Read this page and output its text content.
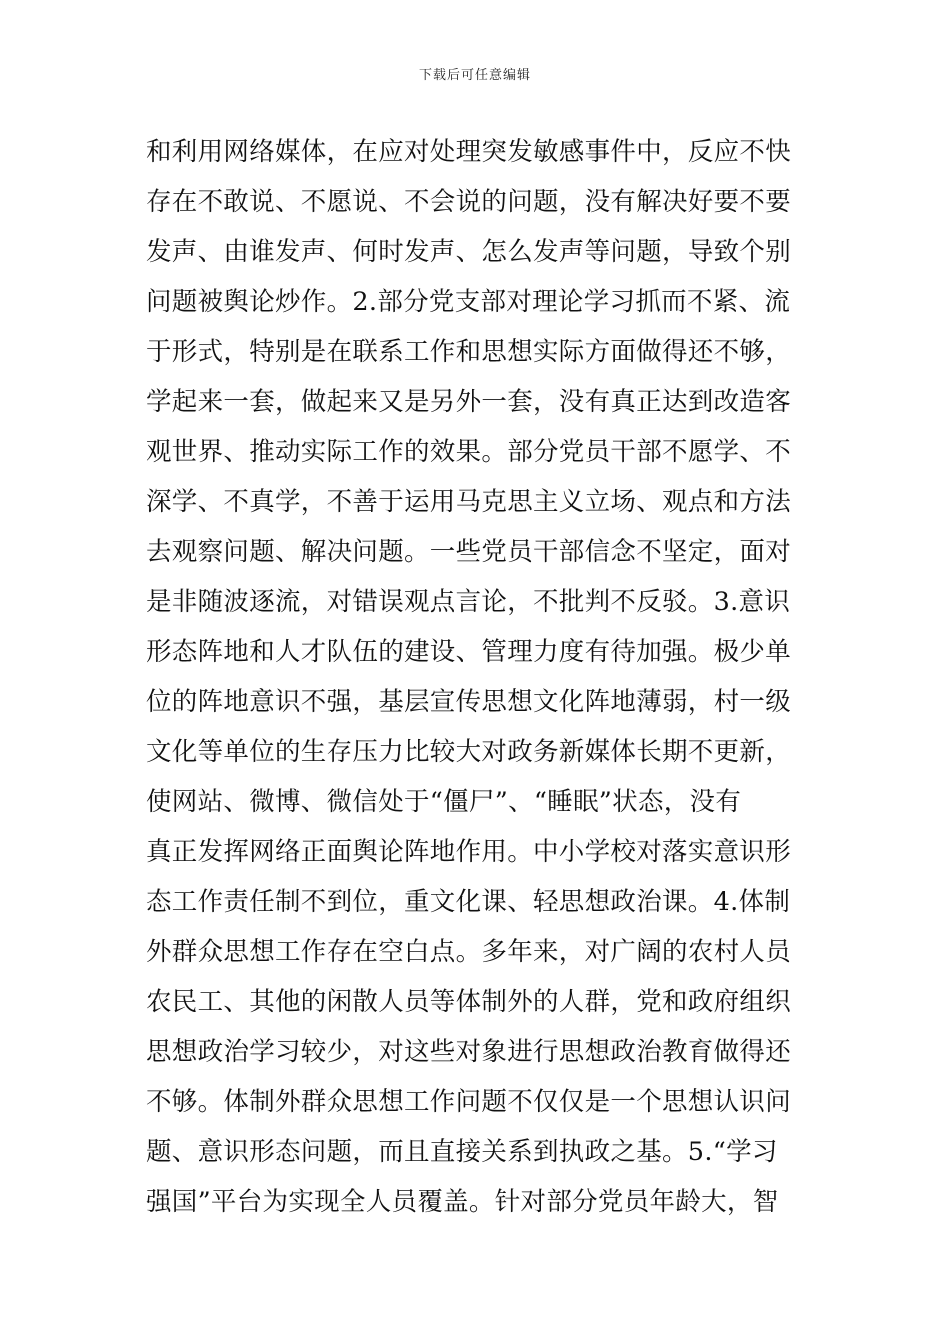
下载后可任意编辑
和利用网络媒体，在应对处理突发敏感事件中，反应不快
存在不敢说、不愿说、不会说的问题，没有解决好要不要
发声、由谁发声、何时发声、怎么发声等问题，导致个别
问题被舆论炒作。2.部分党支部对理论学习抓而不紧、流
于形式，特别是在联系工作和思想实际方面做得还不够，
学起来一套，做起来又是另外一套，没有真正达到改造客
观世界、推动实际工作的效果。部分党员干部不愿学、不
深学、不真学，不善于运用马克思主义立场、观点和方法
去观察问题、解决问题。一些党员干部信念不坚定，面对
是非随波逐流，对错误观点言论，不批判不反驳。3.意识
形态阵地和人才队伍的建设、管理力度有待加强。极少单
位的阵地意识不强，基层宣传思想文化阵地薄弱，村一级
文化等单位的生存压力比较大对政务新媒体长期不更新，
使网站、微博、微信处于“僵尸”、“睡眠”状态，没有
真正发挥网络正面舆论阵地作用。中小学校对落实意识形
态工作责任制不到位，重文化课、轻思想政治课。4.体制
外群众思想工作存在空白点。多年来，对广阔的农村人员
农民工、其他的闲散人员等体制外的人群，党和政府组织
思想政治学习较少，对这些对象进行思想政治教育做得还
不够。体制外群众思想工作问题不仅仅是一个思想认识问
题、意识形态问题，而且直接关系到执政之基。5.“学习
强国”平台为实现全人员覆盖。针对部分党员年龄大，智
